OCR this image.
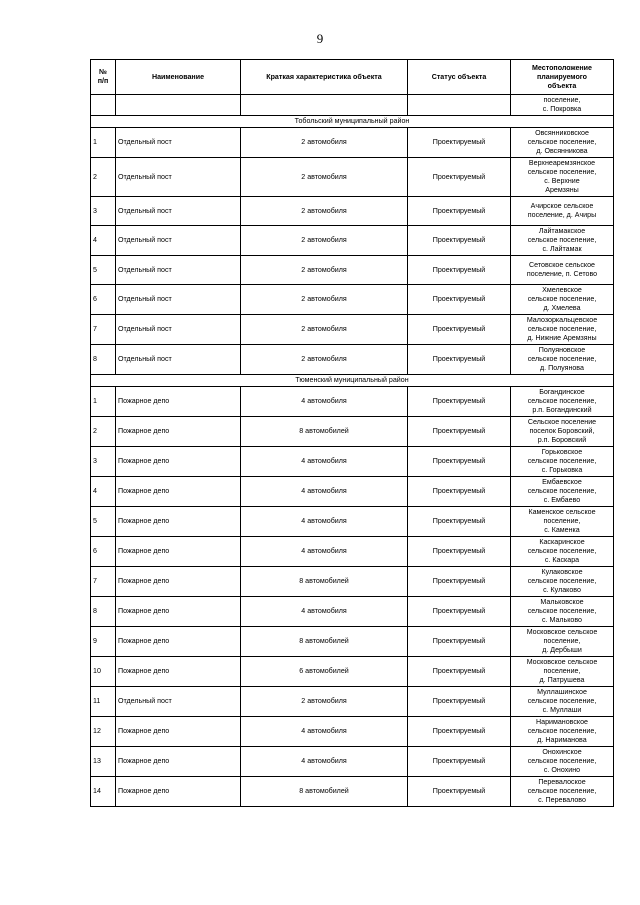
9
№
п/п	Наименование	Краткая характеристика объекта	Статус объекта	Местоположение
планируемого
объекта
				поселение,
с. Покровка
Тобольский муниципальный район				
1	Отдельный пост	2 автомобиля	Проектируемый	Овсянниковское
сельское поселение,
д. Овсянникова
2	Отдельный пост	2 автомобиля	Проектируемый	Верхнеаремзянское
сельское поселение,
с. Верхние
Аремзяны
3	Отдельный пост	2 автомобиля	Проектируемый	Ачирское сельское
поселение, д. Ачиры
4	Отдельный пост	2 автомобиля	Проектируемый	Лайтамакское
сельское поселение,
с. Лайтамак
5	Отдельный пост	2 автомобиля	Проектируемый	Сетовское сельское
поселение, п. Сетово
6	Отдельный пост	2 автомобиля	Проектируемый	Хмелевское
сельское поселение,
д. Хмелева
7	Отдельный пост	2 автомобиля	Проектируемый	Малозоркальцевское
сельское поселение,
д. Нижние Аремзяны
8	Отдельный пост	2 автомобиля	Проектируемый	Полуяновское
сельское поселение,
д. Полуянова
Тюменский муниципальный район				
1	Пожарное депо	4 автомобиля	Проектируемый	Богандинское
сельское поселение,
р.п. Богандинский
2	Пожарное депо	8 автомобилей	Проектируемый	Сельское поселение
поселок Боровский,
р.п. Боровский
3	Пожарное депо	4 автомобиля	Проектируемый	Горьковское
сельское поселение,
с. Горьковка
4	Пожарное депо	4 автомобиля	Проектируемый	Ембаевское
сельское поселение,
с. Ембаево
5	Пожарное депо	4 автомобиля	Проектируемый	Каменское сельское
поселение,
с. Каменка
6	Пожарное депо	4 автомобиля	Проектируемый	Каскаринское
сельское поселение,
с. Каскара
7	Пожарное депо	8 автомобилей	Проектируемый	Кулаковское
сельское поселение,
с. Кулаково
8	Пожарное депо	4 автомобиля	Проектируемый	Мальковское
сельское поселение,
с. Мальково
9	Пожарное депо	8 автомобилей	Проектируемый	Московское сельское
поселение,
д. Дербыши
10	Пожарное депо	6 автомобилей	Проектируемый	Московское сельское
поселение,
д. Патрушева
11	Отдельный пост	2 автомобиля	Проектируемый	Муллашинское
сельское поселение,
с. Муллаши
12	Пожарное депо	4 автомобиля	Проектируемый	Наримановское
сельское поселение,
д. Нариманова
13	Пожарное депо	4 автомобиля	Проектируемый	Онохинское
сельское поселение,
с. Онохино
14	Пожарное депо	8 автомобилей	Проектируемый	Перевалоское
сельское поселение,
с. Перевалово
